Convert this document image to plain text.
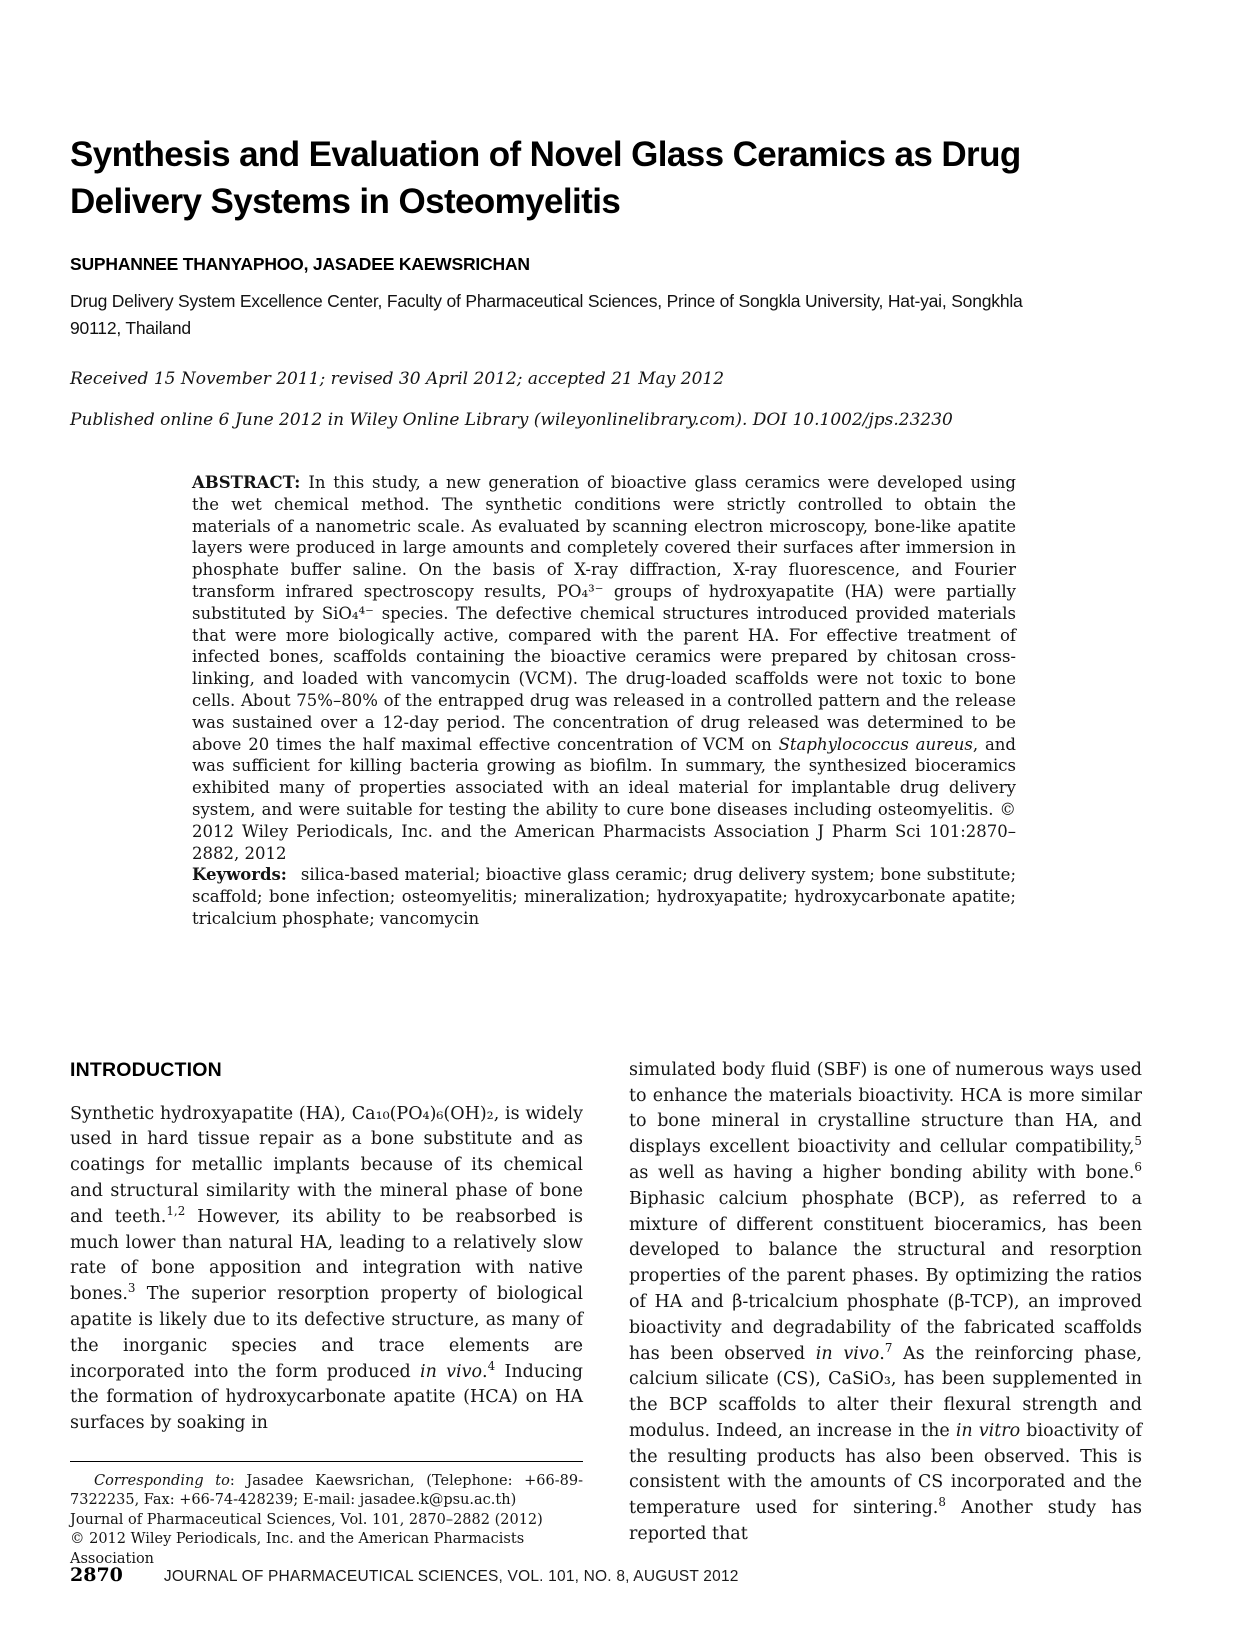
Synthesis and Evaluation of Novel Glass Ceramics as Drug
Delivery Systems in Osteomyelitis
SUPHANNEE THANYAPHOO, JASADEE KAEWSRICHAN
Drug Delivery System Excellence Center, Faculty of Pharmaceutical Sciences, Prince of Songkla University, Hat-yai, Songkhla 90112, Thailand
Received 15 November 2011; revised 30 April 2012; accepted 21 May 2012
Published online 6 June 2012 in Wiley Online Library (wileyonlinelibrary.com). DOI 10.1002/jps.23230

ABSTRACT: In this study, a new generation of bioactive glass ceramics were developed using the wet chemical method. The synthetic conditions were strictly controlled to obtain the materials of a nanometric scale. As evaluated by scanning electron microscopy, bone-like apatite layers were produced in large amounts and completely covered their surfaces after immersion in phosphate buffer saline. On the basis of X-ray diffraction, X-ray fluorescence, and Fourier transform infrared spectroscopy results, PO₄³⁻ groups of hydroxyapatite (HA) were partially substituted by SiO₄⁴⁻ species. The defective chemical structures introduced provided materials that were more biologically active, compared with the parent HA. For effective treatment of infected bones, scaffolds containing the bioactive ceramics were prepared by chitosan cross-linking, and loaded with vancomycin (VCM). The drug-loaded scaffolds were not toxic to bone cells. About 75%–80% of the entrapped drug was released in a controlled pattern and the release was sustained over a 12-day period. The concentration of drug released was determined to be above 20 times the half maximal effective concentration of VCM on Staphylococcus aureus, and was sufficient for killing bacteria growing as biofilm. In summary, the synthesized bioceramics exhibited many of properties associated with an ideal material for implantable drug delivery system, and were suitable for testing the ability to cure bone diseases including osteomyelitis. © 2012 Wiley Periodicals, Inc. and the American Pharmacists Association J Pharm Sci 101:2870–2882, 2012

Keywords: silica-based material; bioactive glass ceramic; drug delivery system; bone substitute; scaffold; bone infection; osteomyelitis; mineralization; hydroxyapatite; hydroxycarbonate apatite; tricalcium phosphate; vancomycin

INTRODUCTION

Synthetic hydroxyapatite (HA), Ca₁₀(PO₄)₆(OH)₂, is widely used in hard tissue repair as a bone substitute and as coatings for metallic implants because of its chemical and structural similarity with the mineral phase of bone and teeth.$^{1,2}$ However, its ability to be reabsorbed is much lower than natural HA, leading to a relatively slow rate of bone apposition and integration with native bones.$^3$ The superior resorption property of biological apatite is likely due to its defective structure, as many of the inorganic species and trace elements are incorporated into the form produced in vivo.$^4$ Inducing the formation of hydroxycarbonate apatite (HCA) on HA surfaces by soaking in

Corresponding to: Jasadee Kaewsrichan, (Telephone: +66-89-7322235, Fax: +66-74-428239; E-mail: jasadee.k@psu.ac.th)

Journal of Pharmaceutical Sciences, Vol. 101, 2870–2882 (2012)
© 2012 Wiley Periodicals, Inc. and the American Pharmacists Association

simulated body fluid (SBF) is one of numerous ways used to enhance the materials bioactivity. HCA is more similar to bone mineral in crystalline structure than HA, and displays excellent bioactivity and cellular compatibility,$^5$ as well as having a higher bonding ability with bone.$^6$ Biphasic calcium phosphate (BCP), as referred to a mixture of different constituent bioceramics, has been developed to balance the structural and resorption properties of the parent phases. By optimizing the ratios of HA and β-tricalcium phosphate (β-TCP), an improved bioactivity and degradability of the fabricated scaffolds has been observed in vivo.$^7$ As the reinforcing phase, calcium silicate (CS), CaSiO₃, has been supplemented in the BCP scaffolds to alter their flexural strength and modulus. Indeed, an increase in the in vitro bioactivity of the resulting products has also been observed. This is consistent with the amounts of CS incorporated and the temperature used for sintering.$^8$ Another study has reported that

2870	JOURNAL OF PHARMACEUTICAL SCIENCES, VOL. 101, NO. 8, AUGUST 2012
